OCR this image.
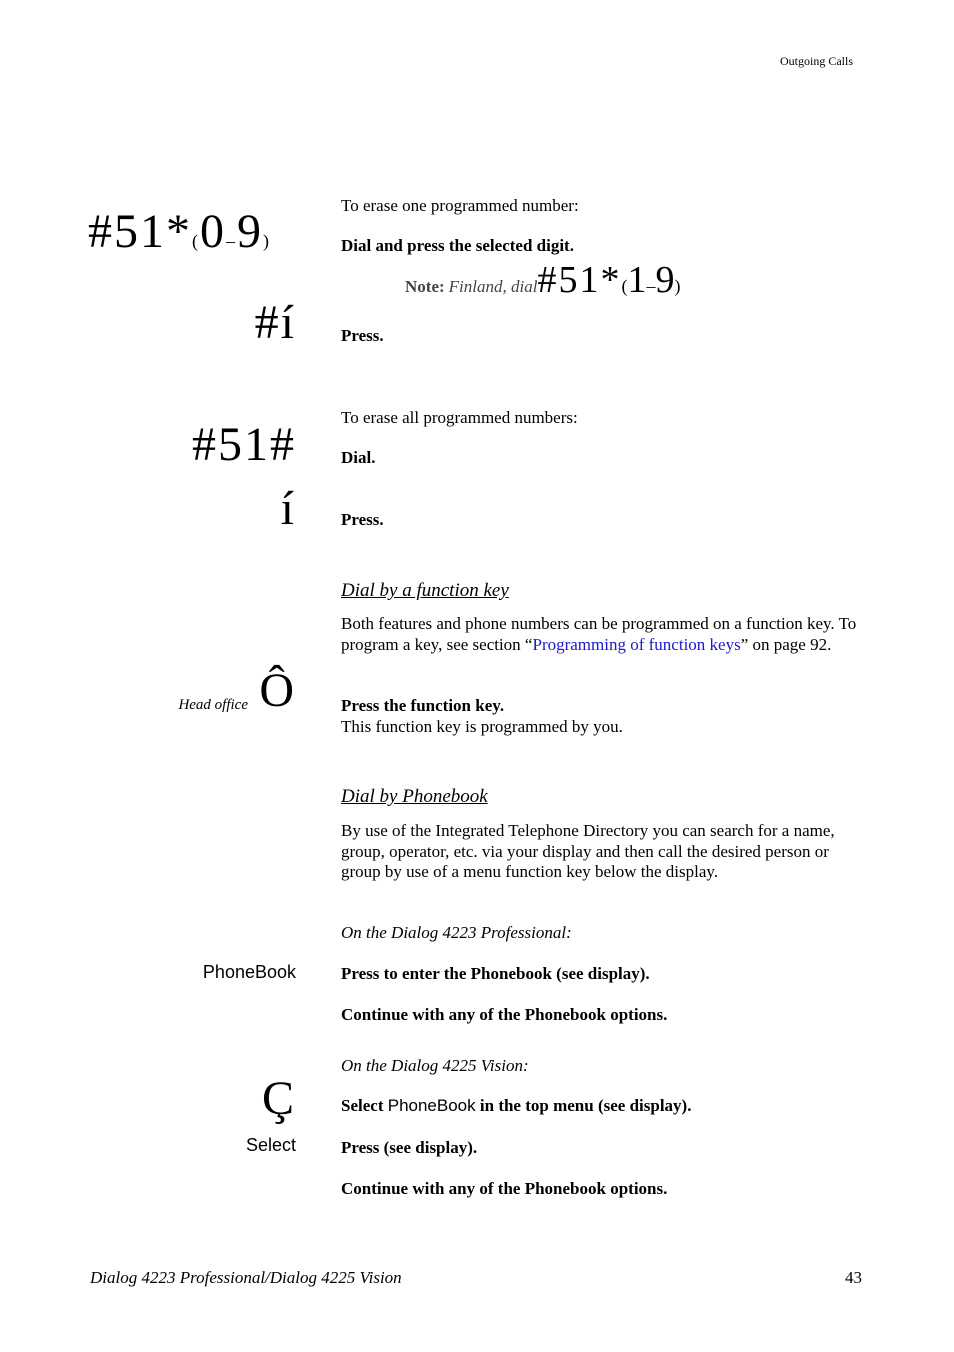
Outgoing Calls
To erase one programmed number:
#51*(0–9)	Dial and press the selected digit.
Note: Finland, dial#51*(1–9)
#í	Press.
To erase all programmed numbers:
#51#	Dial.
í	Press.
Dial by a function key
Both features and phone numbers can be programmed on a function key. To program a key, see section “Programming of function keys” on page 92.
Head office Ô	Press the function key.
This function key is programmed by you.
Dial by Phonebook
By use of the Integrated Telephone Directory you can search for a name, group, operator, etc. via your display and then call the desired person or group by use of a menu function key below the display.
On the Dialog 4223 Professional:
PhoneBook	Press to enter the Phonebook (see display).
Continue with any of the Phonebook options.
On the Dialog 4225 Vision:
Ç	Select PhoneBook in the top menu (see display).
Select	Press (see display).
Continue with any of the Phonebook options.
Dialog 4223 Professional/Dialog 4225 Vision	43
